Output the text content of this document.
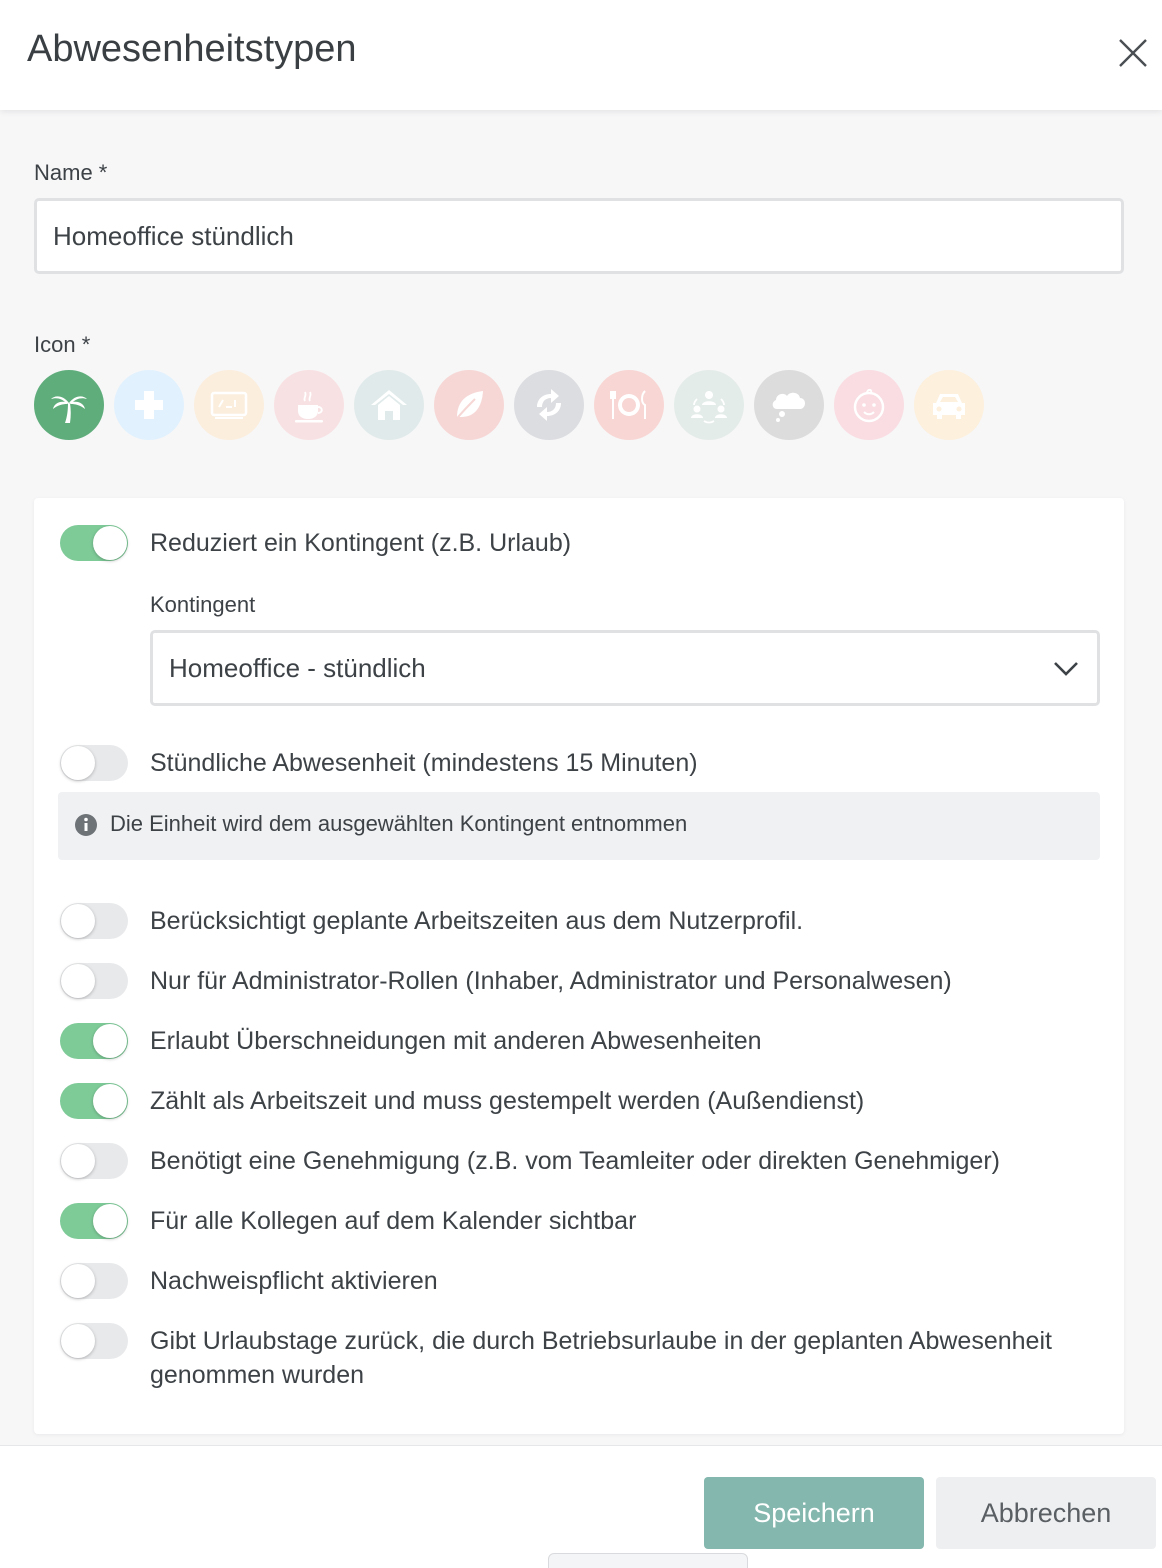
Abwesenheitstypen
Name *
Homeoffice stündlich
Icon *
Reduziert ein Kontingent (z.B. Urlaub)
Kontingent
Homeoffice - stündlich
Stündliche Abwesenheit (mindestens 15 Minuten)
Die Einheit wird dem ausgewählten Kontingent entnommen
Berücksichtigt geplante Arbeitszeiten aus dem Nutzerprofil.
Nur für Administrator-Rollen (Inhaber, Administrator und Personalwesen)
Erlaubt Überschneidungen mit anderen Abwesenheiten
Zählt als Arbeitszeit und muss gestempelt werden (Außendienst)
Benötigt eine Genehmigung (z.B. vom Teamleiter oder direkten Genehmiger)
Für alle Kollegen auf dem Kalender sichtbar
Nachweispflicht aktivieren
Gibt Urlaubstage zurück, die durch Betriebsurlaube in der geplanten Abwesenheit
genommen wurden
Speichern	Abbrechen
